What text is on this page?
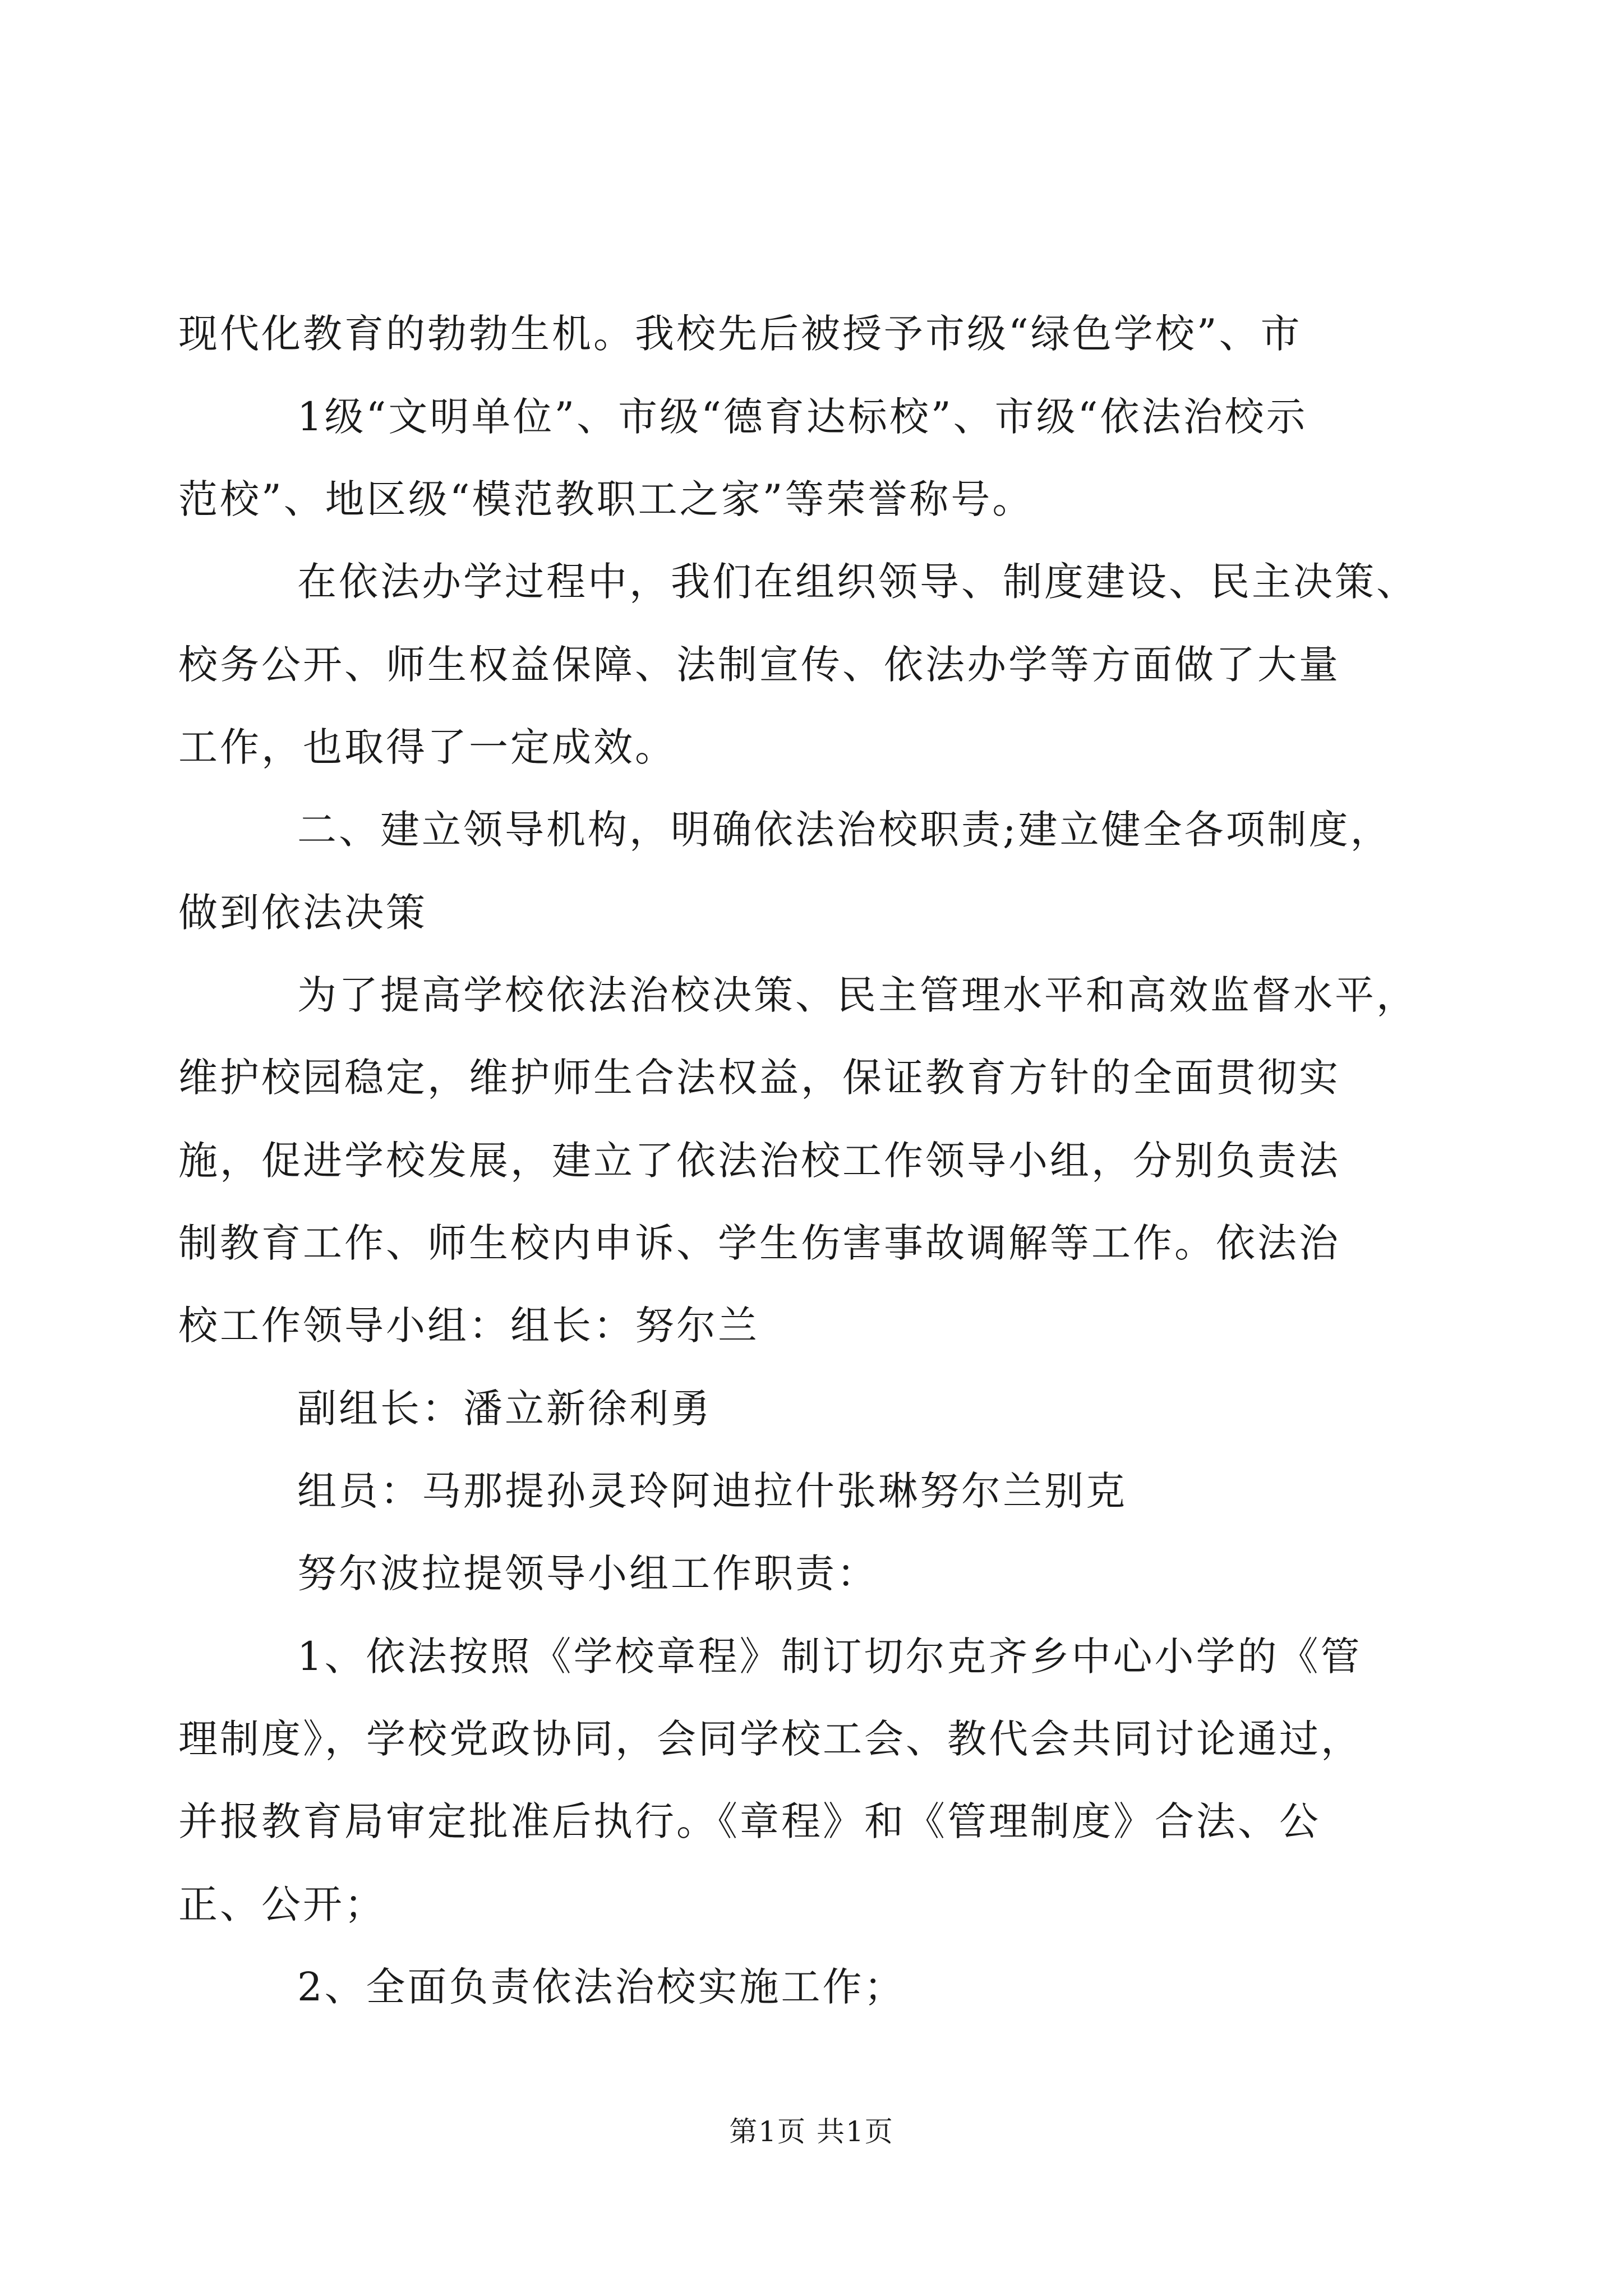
现代化教育的勃勃生机。我校先后被授予市级“绿色学校”、市
1级“文明单位”、市级“德育达标校”、市级“依法治校示
范校”、地区级“模范教职工之家”等荣誉称号。
在依法办学过程中，我们在组织领导、制度建设、民主决策、
校务公开、师生权益保障、法制宣传、依法办学等方面做了大量
工作，也取得了一定成效。
二、建立领导机构，明确依法治校职责;建立健全各项制度，
做到依法决策
为了提高学校依法治校决策、民主管理水平和高效监督水平，
维护校园稳定，维护师生合法权益，保证教育方针的全面贯彻实
施，促进学校发展，建立了依法治校工作领导小组，分别负责法
制教育工作、师生校内申诉、学生伤害事故调解等工作。依法治
校工作领导小组：组长：努尔兰
副组长：潘立新徐利勇
组员：马那提孙灵玲阿迪拉什张琳努尔兰别克
努尔波拉提领导小组工作职责：
1、依法按照《学校章程》制订切尔克齐乡中心小学的《管
理制度》，学校党政协同，会同学校工会、教代会共同讨论通过，
并报教育局审定批准后执行。《章程》和《管理制度》合法、公
正、公开；
2、全面负责依法治校实施工作；
第1页 共1页
